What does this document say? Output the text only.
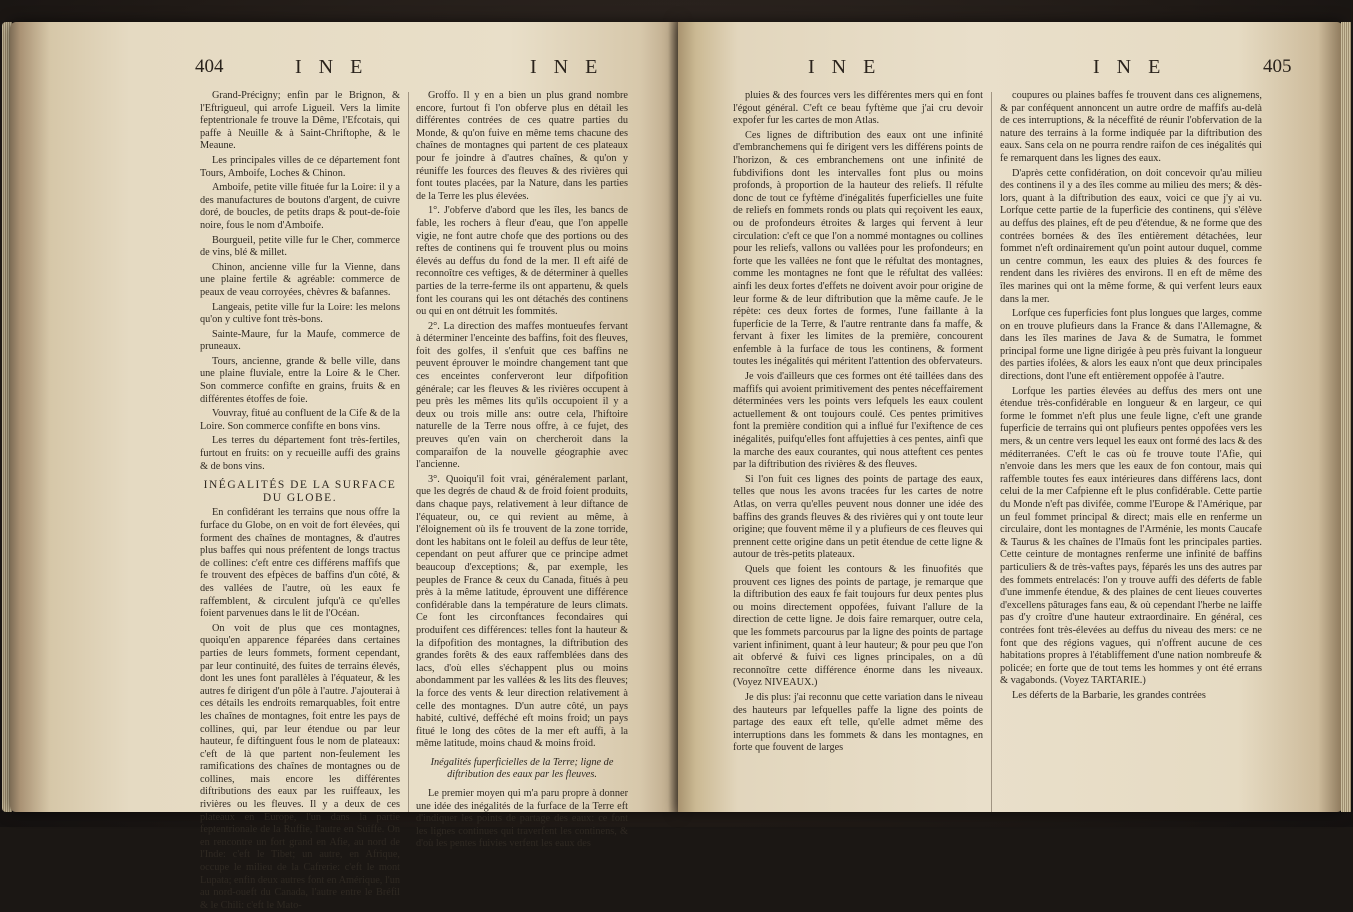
404	I N E	I N E

Grand-Précigny; enfin par le Brignon, & l'Eftrigueul, qui arrofe Ligueil. Vers la limite feptentrionale fe trouve la Dême, l'Efcotais, qui paffe à Neuille & à Saint-Chriftophe, & le Meaune.

Les principales villes de ce département font Tours, Amboife, Loches & Chinon.

Amboife, petite ville fituée fur la Loire: il y a des manufactures de boutons d'argent, de cuivre doré, de boucles, de petits draps & pout-de-foie noire, fous le nom d'Amboife.

Bourgueil, petite ville fur le Cher, commerce de vins, blé & millet.

Chinon, ancienne ville fur la Vienne, dans une plaine fertile & agréable: commerce de peaux de veau corroyées, chèvres & bafannes.

Langeais, petite ville fur la Loire: les melons qu'on y cultive font très-bons.

Sainte-Maure, fur la Maufe, commerce de pruneaux.

Tours, ancienne, grande & belle ville, dans une plaine fluviale, entre la Loire & le Cher. Son commerce confifte en grains, fruits & en différentes étoffes de foie.

Vouvray, fitué au confluent de la Cife & de la Loire. Son commerce confifte en bons vins.

Les terres du département font très-fertiles, furtout en fruits: on y recueille auffi des grains & de bons vins.

INÉGALITÉS DE LA SURFACE DU GLOBE.

En confidérant les terrains que nous offre la furface du Globe, on en voit de fort élevées, qui forment des chaînes de montagnes, & d'autres plus baffes qui nous préfentent de longs tractus de collines: c'eft entre ces différens maffifs que fe trouvent des efpèces de baffins d'un côté, & des vallées de l'autre, où les eaux fe raffemblent, & circulent jufqu'à ce qu'elles foient parvenues dans le lit de l'Océan.

On voit de plus que ces montagnes, quoiqu'en apparence féparées dans certaines parties de leurs fommets, forment cependant, par leur continuité, des fuites de terrains élevés, dont les unes font parallèles à l'équateur, & les autres fe dirigent d'un pôle à l'autre. J'ajouterai à ces détails les endroits remarquables, foit entre les chaînes de montagnes, foit entre les pays de collines, qui, par leur étendue ou par leur hauteur, fe diftinguent fous le nom de plateaux: c'eft de là que partent non-feulement les ramifications des chaînes de montagnes ou de collines, mais encore les différentes diftributions des eaux par les ruiffeaux, les rivières ou les fleuves. Il y a deux de ces plateaux en Europe, l'un dans la partie feptentrionale de la Ruffie, l'autre en Suiffe. On en rencontre un fort grand en Afie, au nord de l'Inde: c'eft le Tibet; un autre, en Afrique, occupe le milieu de la Cafrerie: c'eft le mont Lupata; enfin deux autres font en Amérique, l'un au nord-oueft du Canada, l'autre entre le Bréfil & le Chili: c'eft le Mato-

Groffo. Il y en a bien un plus grand nombre encore, furtout fi l'on obferve plus en détail les différentes contrées de ces quatre parties du Monde, & qu'on fuive en même tems chacune des chaînes de montagnes qui partent de ces plateaux pour fe joindre à d'autres chaînes, & qu'on y réuniffe les fources des fleuves & des rivières qui font toutes placées, par la Nature, dans les parties de la Terre les plus élevées.

1°. J'obferve d'abord que les îles, les bancs de fable, les rochers à fleur d'eau, que l'on appelle vigie, ne font autre chofe que des portions ou des reftes de continens qui fe trouvent plus ou moins élevés au deffus du fond de la mer. Il eft aifé de reconnoître ces veftiges, & de déterminer à quelles parties de la terre-ferme ils ont appartenu, & quels font les courans qui les ont détachés des continens ou qui en ont détruit les fommités.

2°. La direction des maffes montueufes fervant à déterminer l'enceinte des baffins, foit des fleuves, foit des golfes, il s'enfuit que ces baffins ne peuvent éprouver le moindre changement tant que ces enceintes conferveront leur difpofition générale; car les fleuves & les rivières occupent à peu près les mêmes lits qu'ils occupoient il y a deux ou trois mille ans: outre cela, l'hiftoire naturelle de la Terre nous offre, à ce fujet, des preuves qu'en vain on chercheroit dans la comparaifon de la nouvelle géographie avec l'ancienne.

3°. Quoiqu'il foit vrai, généralement parlant, que les degrés de chaud & de froid foient produits, dans chaque pays, relativement à leur diftance de l'équateur, ou, ce qui revient au même, à l'éloignement où ils fe trouvent de la zone torride, dont les habitans ont le foleil au deffus de leur tête, cependant on peut affurer que ce principe admet beaucoup d'exceptions; &, par exemple, les peuples de France & ceux du Canada, fitués à peu près à la même latitude, éprouvent une différence confidérable dans la température de leurs climats. Ce font les circonftances fecondaires qui produifent ces différences: telles font la hauteur & la difpofition des montagnes, la diftribution des grandes forêts & des eaux raffemblées dans des lacs, d'où elles s'échappent plus ou moins abondamment par les vallées & les lits des fleuves; la force des vents & leur direction relativement à celle des montagnes. D'un autre côté, un pays habité, cultivé, defféché eft moins froid; un pays fitué le long des côtes de la mer eft auffi, à la même latitude, moins chaud & moins froid.

Inégalités fuperficielles de la Terre; ligne de diftribution des eaux par les fleuves.

Le premier moyen qui m'a paru propre à donner une idée des inégalités de la furface de la Terre eft d'indiquer les points de partage des eaux: ce font les lignes continues qui traverfent les continens, & d'où les pentes fuivies verfent les eaux des

I N E	I N E	405

pluies & des fources vers les différentes mers qui en font l'égout général. C'eft ce beau fyftème que j'ai cru devoir expofer fur les cartes de mon Atlas.

Ces lignes de diftribution des eaux ont une infinité d'embranchemens qui fe dirigent vers les différens points de l'horizon, & ces embranchemens ont une infinité de fubdivifions dont les intervalles font plus ou moins profonds, à proportion de la hauteur des reliefs. Il réfulte donc de tout ce fyftème d'inégalités fuperficielles une fuite de reliefs en fommets ronds ou plats qui reçoivent les eaux, ou de profondeurs étroites & larges qui fervent à leur circulation: c'eft ce que l'on a nommé montagnes ou collines pour les reliefs, vallons ou vallées pour les profondeurs; en forte que les vallées ne font que le réfultat des montagnes, comme les montagnes ne font que le réfultat des vallées: ainfi les deux fortes d'effets ne doivent avoir pour origine de leur forme & de leur diftribution que la même caufe. Je le répète: ces deux fortes de formes, l'une faillante à la fuperficie de la Terre, & l'autre rentrante dans fa maffe, & fervant à fixer les limites de la première, concourent enfemble à la furface de tous les continens, & forment toutes les inégalités qui méritent l'attention des obfervateurs.

Je vois d'ailleurs que ces formes ont été taillées dans des maffifs qui avoient primitivement des pentes néceffairement déterminées vers les points vers lefquels les eaux coulent actuellement & ont toujours coulé. Ces pentes primitives font la première condition qui a influé fur l'exiftence de ces inégalités, puifqu'elles font affujetties à ces pentes, ainfi que la marche des eaux courantes, qui nous atteftent ces pentes par la diftribution des rivières & des fleuves.

Si l'on fuit ces lignes des points de partage des eaux, telles que nous les avons tracées fur les cartes de notre Atlas, on verra qu'elles peuvent nous donner une idée des baffins des grands fleuves & des rivières qui y ont toute leur origine; que fouvent même il y a plufieurs de ces fleuves qui prennent cette origine dans un petit étendue de cette ligne & autour de très-petits plateaux.

Quels que foient les contours & les finuofités que prouvent ces lignes des points de partage, je remarque que la diftribution des eaux fe fait toujours fur deux pentes plus ou moins directement oppofées, fuivant l'allure de la direction de cette ligne. Je dois faire remarquer, outre cela, que les fommets parcourus par la ligne des points de partage varient infiniment, quant à leur hauteur; & pour peu que l'on ait obfervé & fuivi ces lignes principales, on a dû reconnoître cette différence énorme dans les niveaux. (Voyez NIVEAUX.)

Je dis plus: j'ai reconnu que cette variation dans le niveau des hauteurs par lefquelles paffe la ligne des points de partage des eaux eft telle, qu'elle admet même des interruptions dans les fommets & dans les montagnes, en forte que fouvent de larges

coupures ou plaines baffes fe trouvent dans ces alignemens, & par conféquent annoncent un autre ordre de maffifs au-delà de ces interruptions, & la néceffité de réunir l'obfervation de la nature des terrains à la forme indiquée par la diftribution des eaux. Sans cela on ne pourra rendre raifon de ces inégalités qui fe remarquent dans les lignes des eaux.

D'après cette confidération, on doit concevoir qu'au milieu des continens il y a des îles comme au milieu des mers; & dès-lors, quant à la diftribution des eaux, voici ce que j'y ai vu. Lorfque cette partie de la fuperficie des continens, qui s'élève au deffus des plaines, eft de peu d'étendue, & ne forme que des contrées bornées & des îles entièrement détachées, leur fommet n'eft ordinairement qu'un point autour duquel, comme un centre commun, les eaux des pluies & des fources fe rendent dans les rivières des environs. Il en eft de même des îles marines qui ont la même forme, & qui verfent leurs eaux dans la mer.

Lorfque ces fuperficies font plus longues que larges, comme on en trouve plufieurs dans la France & dans l'Allemagne, & dans les îles marines de Java & de Sumatra, le fommet principal forme une ligne dirigée à peu près fuivant la longueur des parties ifolées, & alors les eaux n'ont que deux principales directions, dont l'une eft entièrement oppofée à l'autre.

Lorfque les parties élevées au deffus des mers ont une étendue très-confidérable en longueur & en largeur, ce qui forme le fommet n'eft plus une feule ligne, c'eft une grande fuperficie de terrains qui ont plufieurs pentes oppofées vers les mers, & un centre vers lequel les eaux ont formé des lacs & des méditerranées. C'eft le cas où fe trouve toute l'Afie, qui n'envoie dans les mers que les eaux de fon contour, mais qui raffemble toutes fes eaux intérieures dans différens lacs, dont celui de la mer Cafpienne eft le plus confidérable. Cette partie du Monde n'eft pas divifée, comme l'Europe & l'Amérique, par un feul fommet principal & direct; mais elle en renferme un circulaire, dont les montagnes de l'Arménie, les monts Caucafe & Taurus & les chaînes de l'Imaüs font les principales parties. Cette ceinture de montagnes renferme une infinité de baffins particuliers & de très-vaftes pays, féparés les uns des autres par des fommets entrelacés: l'on y trouve auffi des déferts de fable d'une immenfe étendue, & des plaines de cent lieues couvertes d'excellens pâturages fans eau, & où cependant l'herbe ne laiffe pas d'y croître d'une hauteur extraordinaire. En général, ces contrées font très-élevées au deffus du niveau des mers: ce ne font que des régions vagues, qui n'offrent aucune de ces habitations propres à l'établiffement d'une nation nombreufe & policée; en forte que de tout tems les hommes y ont été errans & vagabonds. (Voyez TARTARIE.)

Les déferts de la Barbarie, les grandes contrées
